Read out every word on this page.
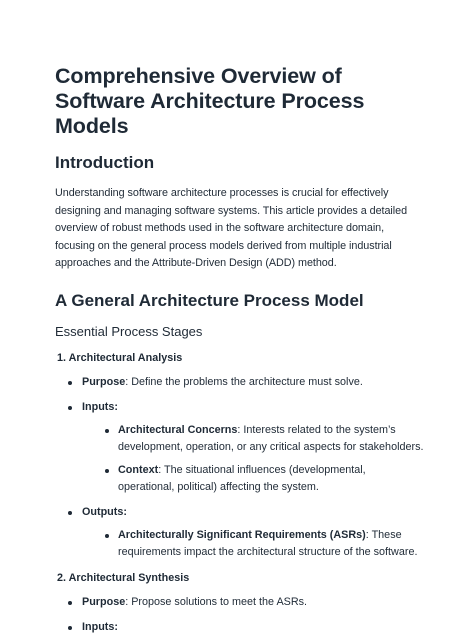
Comprehensive Overview of Software Architecture Process Models
Introduction

Understanding software architecture processes is crucial for effectively designing and managing software systems. This article provides a detailed overview of robust methods used in the software architecture domain, focusing on the general process models derived from multiple industrial approaches and the Attribute-Driven Design (ADD) method.

A General Architecture Process Model
Essential Process Stages
1. Architectural Analysis
Purpose: Define the problems the architecture must solve.
Inputs:
Architectural Concerns: Interests related to the system’s development, operation, or any critical aspects for stakeholders.
Context: The situational influences (developmental, operational, political) affecting the system.
Outputs:
Architecturally Significant Requirements (ASRs): These requirements impact the architectural structure of the software.
2. Architectural Synthesis
Purpose: Propose solutions to meet the ASRs.
Inputs:
